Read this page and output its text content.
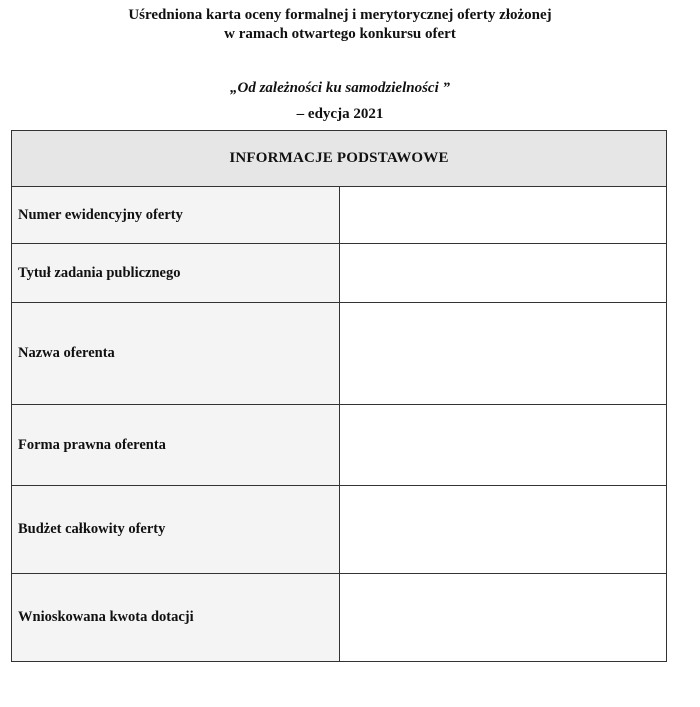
Uśredniona karta oceny formalnej i merytorycznej oferty złożonej
w ramach otwartego konkursu ofert
„Od zależności ku samodzielności ”
– edycja 2021
INFORMACJE PODSTAWOWE	
Numer ewidencyjny oferty	
Tytuł zadania publicznego	
Nazwa oferenta	
Forma prawna oferenta	
Budżet całkowity oferty	
Wnioskowana kwota dotacji	
